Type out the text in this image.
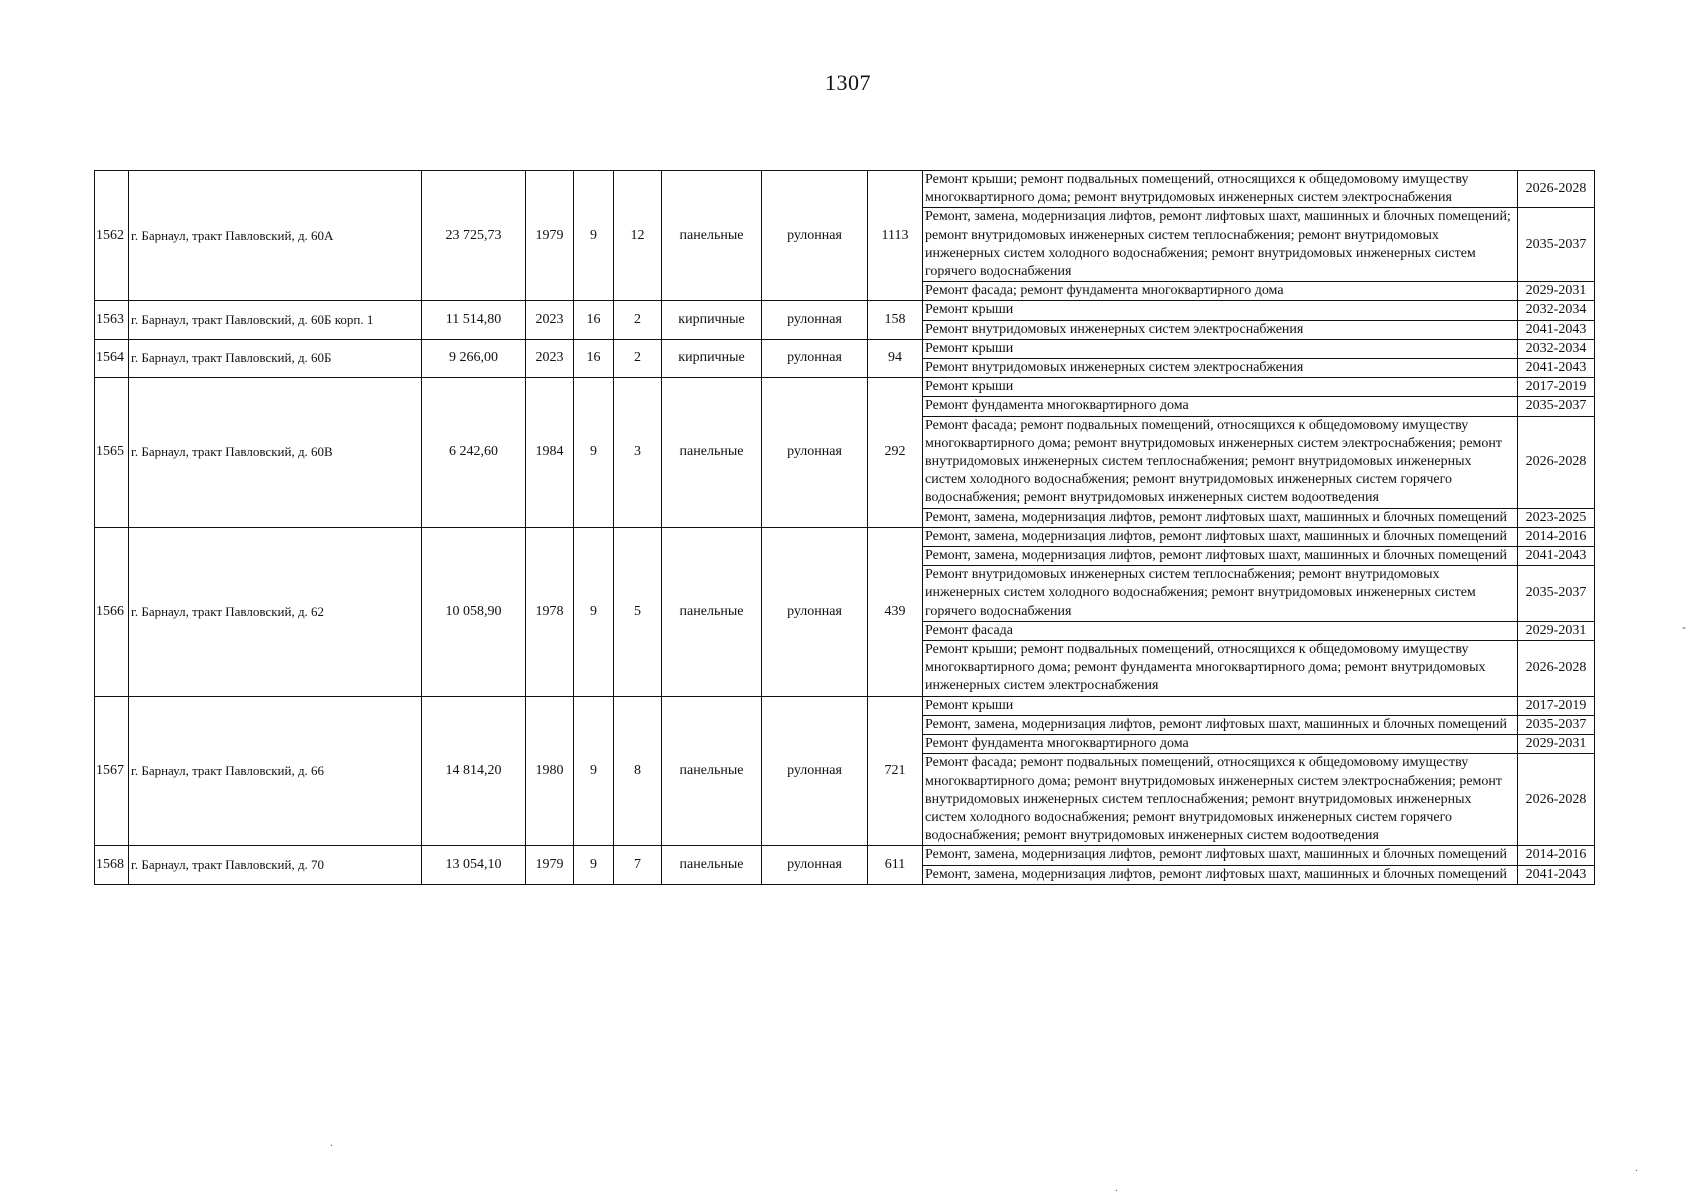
1307
-
.
.
.
1562	г. Барнаул, тракт Павловский, д. 60А	23 725,73	1979	9	12	панельные	рулонная	1113	Ремонт крыши; ремонт подвальных помещений, относящихся к общедомовому имуществу многоквартирного дома; ремонт внутридомовых инженерных систем электроснабжения	2026-2028
									Ремонт, замена, модернизация лифтов, ремонт лифтовых шахт, машинных и блочных помещений; ремонт внутридомовых инженерных систем теплоснабжения; ремонт внутридомовых инженерных систем холодного водоснабжения; ремонт внутридомовых инженерных систем горячего водоснабжения	2035-2037
									Ремонт фасада; ремонт фундамента многоквартирного дома	2029-2031
1563	г. Барнаул, тракт Павловский, д. 60Б корп. 1	11 514,80	2023	16	2	кирпичные	рулонная	158	Ремонт крыши	2032-2034
									Ремонт внутридомовых инженерных систем электроснабжения	2041-2043
1564	г. Барнаул, тракт Павловский, д. 60Б	9 266,00	2023	16	2	кирпичные	рулонная	94	Ремонт крыши	2032-2034
									Ремонт внутридомовых инженерных систем электроснабжения	2041-2043
1565	г. Барнаул, тракт Павловский, д. 60В	6 242,60	1984	9	3	панельные	рулонная	292	Ремонт крыши	2017-2019
									Ремонт фундамента многоквартирного дома	2035-2037
									Ремонт фасада; ремонт подвальных помещений, относящихся к общедомовому имуществу многоквартирного дома; ремонт внутридомовых инженерных систем электроснабжения; ремонт внутридомовых инженерных систем теплоснабжения; ремонт внутридомовых инженерных систем холодного водоснабжения; ремонт внутридомовых инженерных систем горячего водоснабжения; ремонт внутридомовых инженерных систем водоотведения	2026-2028
									Ремонт, замена, модернизация лифтов, ремонт лифтовых шахт, машинных и блочных помещений	2023-2025
1566	г. Барнаул, тракт Павловский, д. 62	10 058,90	1978	9	5	панельные	рулонная	439	Ремонт, замена, модернизация лифтов, ремонт лифтовых шахт, машинных и блочных помещений	2014-2016
									Ремонт, замена, модернизация лифтов, ремонт лифтовых шахт, машинных и блочных помещений	2041-2043
									Ремонт внутридомовых инженерных систем теплоснабжения; ремонт внутридомовых инженерных систем холодного водоснабжения; ремонт внутридомовых инженерных систем горячего водоснабжения	2035-2037
									Ремонт фасада	2029-2031
									Ремонт крыши; ремонт подвальных помещений, относящихся к общедомовому имуществу многоквартирного дома; ремонт фундамента многоквартирного дома; ремонт внутридомовых инженерных систем электроснабжения	2026-2028
1567	г. Барнаул, тракт Павловский, д. 66	14 814,20	1980	9	8	панельные	рулонная	721	Ремонт крыши	2017-2019
									Ремонт, замена, модернизация лифтов, ремонт лифтовых шахт, машинных и блочных помещений	2035-2037
									Ремонт фундамента многоквартирного дома	2029-2031
									Ремонт фасада; ремонт подвальных помещений, относящихся к общедомовому имуществу многоквартирного дома; ремонт внутридомовых инженерных систем электроснабжения; ремонт внутридомовых инженерных систем теплоснабжения; ремонт внутридомовых инженерных систем холодного водоснабжения; ремонт внутридомовых инженерных систем горячего водоснабжения; ремонт внутридомовых инженерных систем водоотведения	2026-2028
1568	г. Барнаул, тракт Павловский, д. 70	13 054,10	1979	9	7	панельные	рулонная	611	Ремонт, замена, модернизация лифтов, ремонт лифтовых шахт, машинных и блочных помещений	2014-2016
									Ремонт, замена, модернизация лифтов, ремонт лифтовых шахт, машинных и блочных помещений	2041-2043
